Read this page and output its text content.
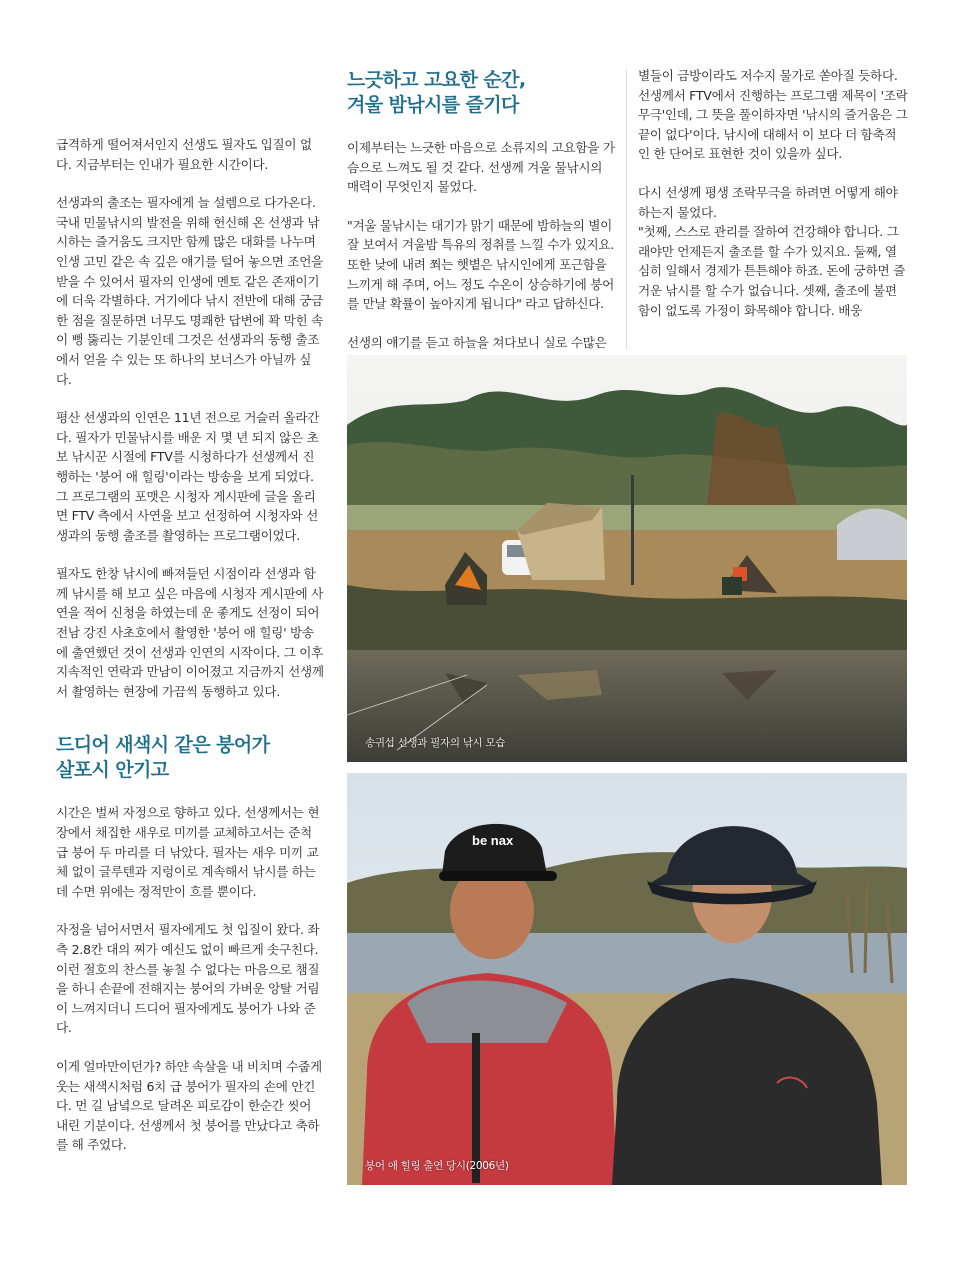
급격하게 떨어져서인지 선생도 필자도 입질이 없다. 지금부터는 인내가 필요한 시간이다.

선생과의 출조는 필자에게 늘 설렘으로 다가온다. 국내 민물낚시의 발전을 위해 헌신해 온 선생과 낚시하는 즐거움도 크지만 함께 많은 대화를 나누며 인생 고민 같은 속 깊은 얘기를 털어 놓으면 조언을 받을 수 있어서 필자의 인생에 멘토 같은 존재이기에 더욱 각별하다. 거기에다 낚시 전반에 대해 궁금한 점을 질문하면 너무도 명쾌한 답변에 꽉 막힌 속이 뻥 뚫리는 기분인데 그것은 선생과의 동행 출조에서 얻을 수 있는 또 하나의 보너스가 아닐까 싶다.

평산 선생과의 인연은 11년 전으로 거슬러 올라간다. 필자가 민물낚시를 배운 지 몇 년 되지 않은 초보 낚시꾼 시절에 FTV를 시청하다가 선생께서 진행하는 '붕어 애 힐링'이라는 방송을 보게 되었다. 그 프로그램의 포맷은 시청자 게시판에 글을 올리면 FTV 측에서 사연을 보고 선정하여 시청자와 선생과의 동행 출조를 촬영하는 프로그램이었다.

필자도 한창 낚시에 빠져들던 시점이라 선생과 함께 낚시를 해 보고 싶은 마음에 시청자 게시판에 사연을 적어 신청을 하였는데 운 좋게도 선정이 되어 전남 강진 사초호에서 촬영한 '붕어 애 힐링' 방송에 출연했던 것이 선생과 인연의 시작이다. 그 이후 지속적인 연락과 만남이 이어졌고 지금까지 선생께서 촬영하는 현장에 가끔씩 동행하고 있다.

드디어 새색시 같은 붕어가
살포시 안기고

시간은 벌써 자정으로 향하고 있다. 선생께서는 현장에서 채집한 새우로 미끼를 교체하고서는 준척 급 붕어 두 마리를 더 낚았다. 필자는 새우 미끼 교체 없이 글루텐과 지렁이로 계속해서 낚시를 하는데 수면 위에는 정적만이 흐를 뿐이다.

자정을 넘어서면서 필자에게도 첫 입질이 왔다. 좌측 2.8칸 대의 찌가 예신도 없이 빠르게 솟구친다. 이런 절호의 찬스를 놓칠 수 없다는 마음으로 챔질을 하니 손끝에 전해지는 붕어의 가벼운 앙탈 거림이 느껴지더니 드디어 필자에게도 붕어가 나와 준다.

이게 얼마만이던가? 하얀 속살을 내 비치며 수줍게 웃는 새색시처럼 6치 급 붕어가 필자의 손에 안긴다. 먼 길 남녘으로 달려온 피로감이 한순간 씻어 내린 기분이다. 선생께서 첫 붕어를 만났다고 축하를 해 주었다.

느긋하고 고요한 순간,
겨울 밤낚시를 즐기다

이제부터는 느긋한 마음으로 소류지의 고요함을 가슴으로 느껴도 될 것 같다. 선생께 겨울 물낚시의 매력이 무엇인지 물었다.

"겨울 물낚시는 대기가 맑기 때문에 밤하늘의 별이 잘 보여서 겨울밤 특유의 정취를 느낄 수가 있지요. 또한 낮에 내려 쬐는 햇볕은 낚시인에게 포근함을 느끼게 해 주며, 어느 정도 수온이 상승하기에 붕어를 만날 확률이 높아지게 됩니다" 라고 답하신다.

선생의 얘기를 듣고 하늘을 쳐다보니 실로 수많은

별들이 금방이라도 저수지 물가로 쏟아질 듯하다. 선생께서 FTV에서 진행하는 프로그램 제목이 '조락무극'인데, 그 뜻을 풀이하자면 '낚시의 즐거움은 그 끝이 없다'이다. 낚시에 대해서 이 보다 더 함축적인 한 단어로 표현한 것이 있을까 싶다.

다시 선생께 평생 조락무극을 하려면 어떻게 해야 하는지 물었다.

"첫째, 스스로 관리를 잘하여 건강해야 합니다. 그래야만 언제든지 출조를 할 수가 있지요. 둘째, 열심히 일해서 경제가 튼튼해야 하죠. 돈에 궁하면 즐거운 낚시를 할 수가 없습니다. 셋째, 출조에 불편함이 없도록 가정이 화목해야 합니다. 배웅

송귀섭 선생과 필자의 낚시 모습
be nax
붕어 애 힐링 출연 당시(2006년)
